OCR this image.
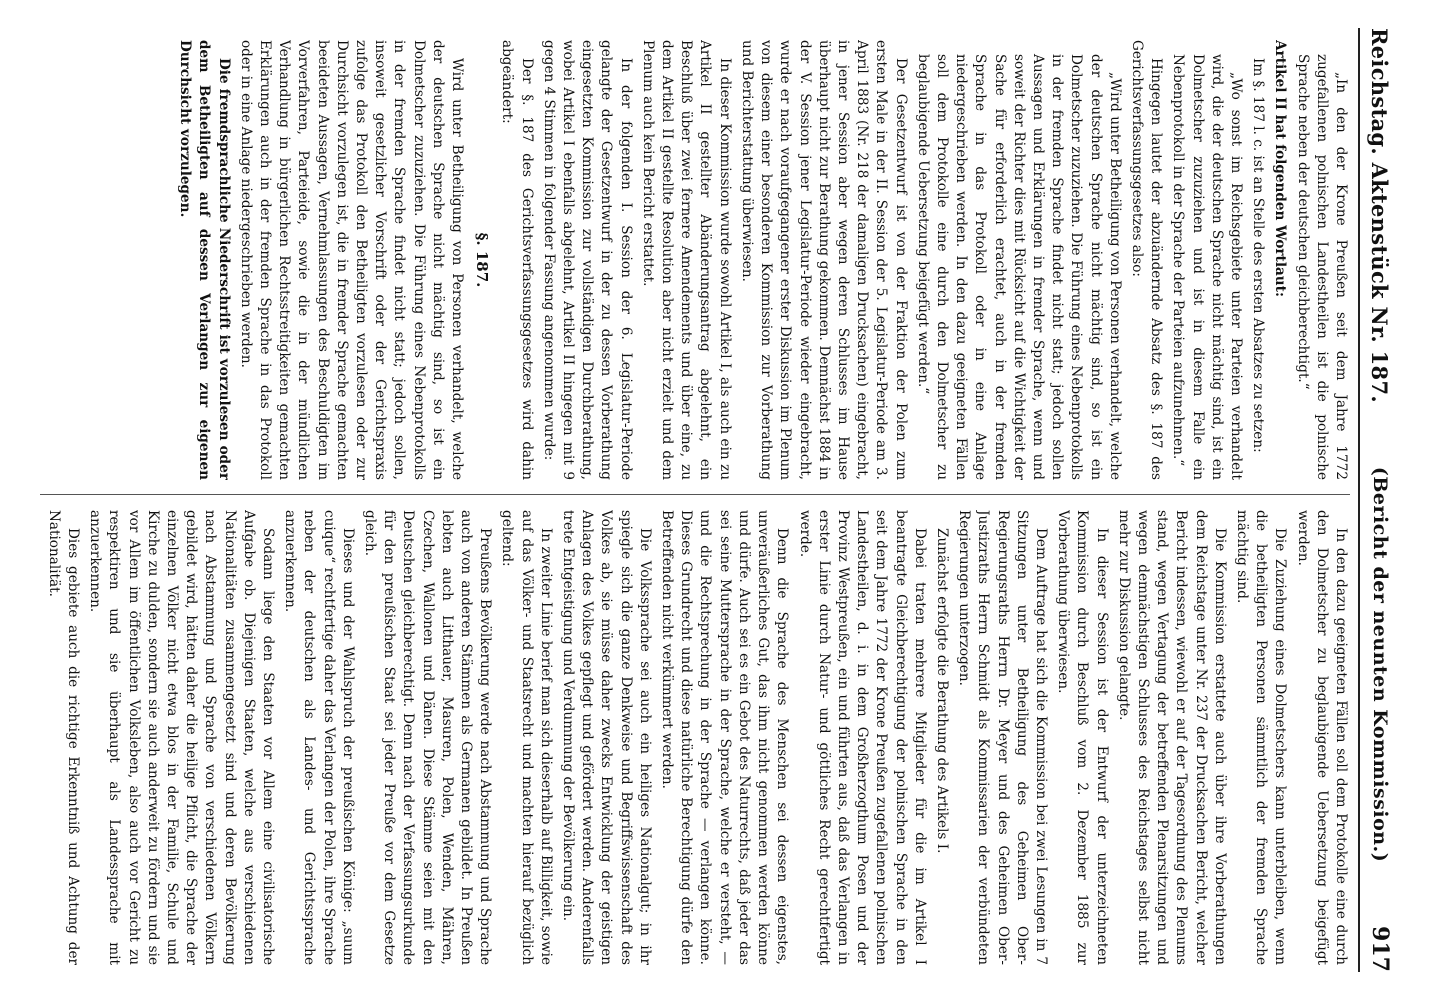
Reichstag. Aktenstück Nr. 187.
(Bericht der neunten Kommission.)
917

„In den der Krone Preußen seit dem Jahre 1772 zugefallenen polnischen Landestheilen ist die polnische Sprache neben der deutschen gleichberechtigt.“

Artikel II hat folgenden Wortlaut:

Im §. 187 l. c. ist an Stelle des ersten Absatzes zu setzen:

„Wo sonst im Reichsgebiete unter Parteien verhandelt wird, die der deutschen Sprache nicht mächtig sind, ist ein Dolmetscher zuzuziehen und ist in diesem Falle ein Nebenprotokoll in der Sprache der Parteien aufzunehmen.“

Hingegen lautet der abzuändernde Absatz des §. 187 des Gerichtsverfassungsgesetzes also:

„Wird unter Betheiligung von Personen verhandelt, welche der deutschen Sprache nicht mächtig sind, so ist ein Dolmetscher zuzuziehen. Die Führung eines Nebenprotokolls in der fremden Sprache findet nicht statt; jedoch sollen Aussagen und Erklärungen in fremder Sprache, wenn und soweit der Richter dies mit Rücksicht auf die Wichtigkeit der Sache für erforderlich erachtet, auch in der fremden Sprache in das Protokoll oder in eine Anlage niedergeschrieben werden. In den dazu geeigneten Fällen soll dem Protokolle eine durch den Dolmetscher zu beglaubigende Uebersetzung beigefügt werden.“

Der Gesetzentwurf ist von der Fraktion der Polen zum ersten Male in der II. Session der 5. Legislatur-Periode am 3. April 1883 (Nr. 218 der damaligen Drucksachen) eingebracht, in jener Session aber wegen deren Schlusses im Hause überhaupt nicht zur Berathung gekommen. Demnächst 1884 in der V. Session jener Legislatur-Periode wieder eingebracht, wurde er nach voraufgegangener erster Diskussion im Plenum von diesem einer besonderen Kommission zur Vorberathung und Berichterstattung überwiesen.

In dieser Kommission wurde sowohl Artikel I, als auch ein zu Artikel II gestellter Abänderungsantrag abgelehnt, ein Beschluß über zwei fernere Amendements und über eine, zu dem Artikel II gestellte Resolution aber nicht erzielt und dem Plenum auch kein Bericht erstattet.

In der folgenden I. Session der 6. Legislatur-Periode gelangte der Gesetzentwurf in der zu dessen Vorberathung eingesetzten Kommission zur vollständigen Durchberathung, wobei Artikel I ebenfalls abgelehnt, Artikel II hingegen mit 9 gegen 4 Stimmen in folgender Fassung angenommen wurde:

Der §. 187 des Gerichtsverfassungsgesetzes wird dahin abgeändert:

§. 187.

Wird unter Betheiligung von Personen verhandelt, welche der deutschen Sprache nicht mächtig sind, so ist ein Dolmetscher zuzuziehen. Die Führung eines Nebenprotokolls in der fremden Sprache findet nicht statt; jedoch sollen, insoweit gesetzlicher Vorschrift oder der Gerichtspraxis zufolge das Protokoll den Betheiligten vorzulesen oder zur Durchsicht vorzulegen ist, die in fremder Sprache gemachten beeideten Aussagen, Vernehmlassungen des Beschuldigten im Vorverfahren, Parteieide, sowie die in der mündlichen Verhandlung in bürgerlichen Rechtsstreitigkeiten gemachten Erklärungen auch in der fremden Sprache in das Protokoll oder in eine Anlage niedergeschrieben werden.

Die fremdsprachliche Niederschrift ist vorzulesen oder dem Betheiligten auf dessen Verlangen zur eigenen Durchsicht vorzulegen.

In den dazu geeigneten Fällen soll dem Protokolle eine durch den Dolmetscher zu beglaubigende Uebersetzung beigefügt werden.

Die Zuziehung eines Dolmetschers kann unterbleiben, wenn die betheiligten Personen sämmtlich der fremden Sprache mächtig sind.

Die Kommission erstattete auch über ihre Vorberathungen dem Reichstage unter Nr. 237 der Drucksachen Bericht, welcher Bericht indessen, wiewohl er auf der Tagesordnung des Plenums stand, wegen Vertagung der betreffenden Plenarsitzungen und wegen demnächstigen Schlusses des Reichstages selbst nicht mehr zur Diskussion gelangte.

In dieser Session ist der Entwurf der unterzeichneten Kommission durch Beschluß vom 2. Dezember 1885 zur Vorberathung überwiesen.

Dem Auftrage hat sich die Kommission bei zwei Lesungen in 7 Sitzungen unter Betheiligung des Geheimen Ober-Regierungsraths Herrn Dr. Meyer und des Geheimen Ober-Justizraths Herrn Schmidt als Kommissarien der verbündeten Regierungen unterzogen.

Zunächst erfolgte die Berathung des Artikels I.

Dabei traten mehrere Mitglieder für die im Artikel I beantragte Gleichberechtigung der polnischen Sprache in den seit dem Jahre 1772 der Krone Preußen zugefallenen polnischen Landestheilen, d. i. in dem Großherzogthum Posen und der Provinz Westpreußen, ein und führten aus, daß das Verlangen in erster Linie durch Natur- und göttliches Recht gerechtfertigt werde.

Denn die Sprache des Menschen sei dessen eigenstes, unveräußerliches Gut, das ihm nicht genommen werden könne und dürfe. Auch sei es ein Gebot des Naturrechts, daß jeder das sei seine Muttersprache in der Sprache, welche er versteht, — und die Rechtsprechung in der Sprache — verlangen könne. Dieses Grundrecht und diese natürliche Berechtigung dürfe den Betreffenden nicht verkümmert werden.

Die Volkssprache sei auch ein heiliges Nationalgut; in ihr spiegle sich die ganze Denkweise und Begriffswissenschaft des Volkes ab, sie müsse daher zwecks Entwicklung der geistigen Anlagen des Volkes gepflegt und gefördert werden. Anderenfalls trete Entgeistigung und Verdummung der Bevölkerung ein.

In zweiter Linie berief man sich dieserhalb auf Billigkeit, sowie auf das Völker- und Staatsrecht und machten hierauf bezüglich geltend:

Preußens Bevölkerung werde nach Abstammung und Sprache auch von anderen Stämmen als Germanen gebildet. In Preußen lebten auch Litthauer, Masuren, Polen, Wenden, Mähren, Czechen, Wallonen und Dänen. Diese Stämme seien mit den Deutschen gleichberechtigt. Denn nach der Verfassungsurkunde für den preußischen Staat sei jeder Preuße vor dem Gesetze gleich.

Dieses und der Wahlspruch der preußischen Könige: „suum cuique“ rechtfertige daher das Verlangen der Polen, ihre Sprache neben der deutschen als Landes- und Gerichtssprache anzuerkennen.

Sodann liege den Staaten vor Allem eine civilisatorische Aufgabe ob. Diejenigen Staaten, welche aus verschiedenen Nationalitäten zusammengesetzt sind und deren Bevölkerung nach Abstammung und Sprache von verschiedenen Völkern gebildet wird, hätten daher die heilige Pflicht, die Sprache der einzelnen Völker nicht etwa blos in der Familie, Schule und Kirche zu dulden, sondern sie auch anderweit zu fördern und sie vor Allem im öffentlichen Volksleben, also auch vor Gericht zu respektiren und sie überhaupt als Landessprache mit anzuerkennen.

Dies gebiete auch die richtige Erkenntniß und Achtung der Nationalität.
